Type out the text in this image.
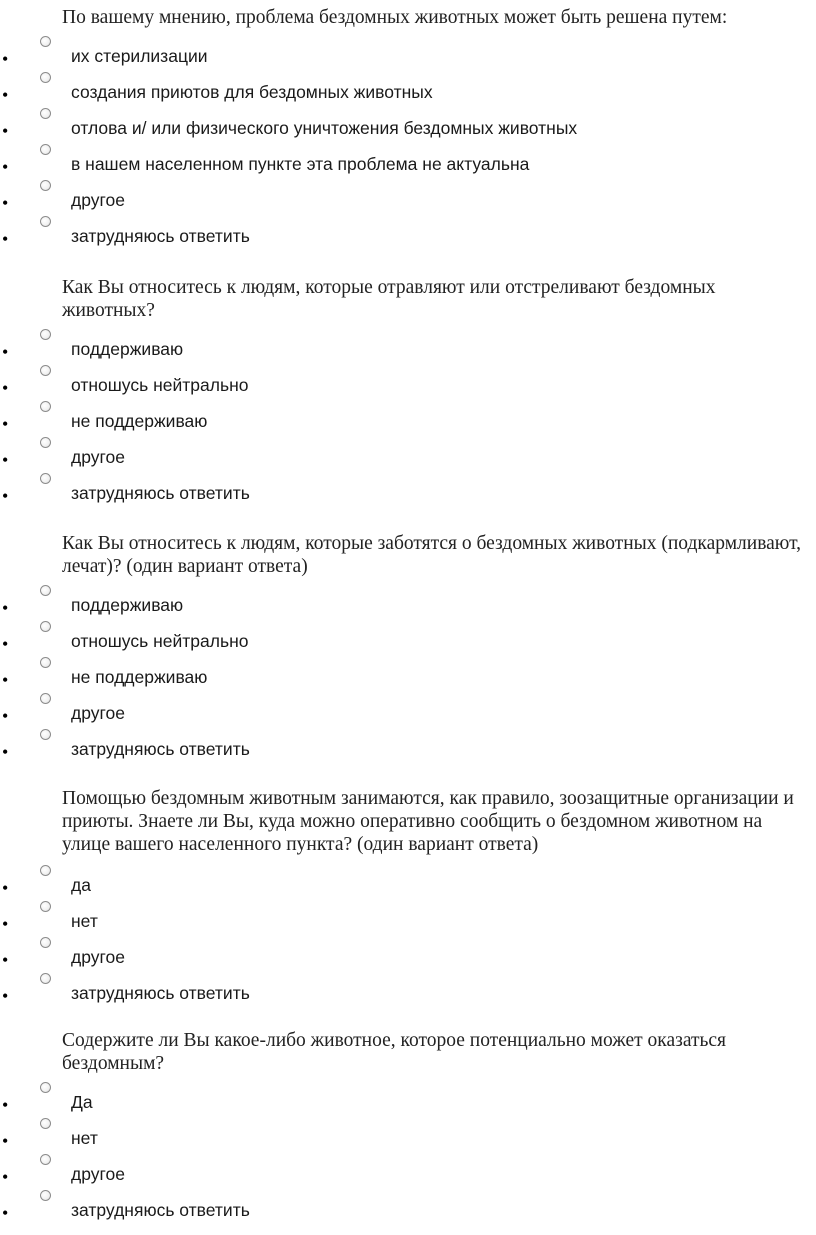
По вашему мнению, проблема бездомных животных может быть решена путем:
•	их стерилизации
•	создания приютов для бездомных животных
•	отлова и/ или физического уничтожения бездомных животных
•	в нашем населенном пункте эта проблема не актуальна
•	другое
•	затрудняюсь ответить
Как Вы относитесь к людям, которые отравляют или отстреливают бездомных животных?
•	поддерживаю
•	отношусь нейтрально
•	не поддерживаю
•	другое
•	затрудняюсь ответить
Как Вы относитесь к людям, которые заботятся о бездомных животных (подкармливают, лечат)? (один вариант ответа)
•	поддерживаю
•	отношусь нейтрально
•	не поддерживаю
•	другое
•	затрудняюсь ответить
Помощью бездомным животным занимаются, как правило, зоозащитные организации и приюты. Знаете ли Вы, куда можно оперативно сообщить о бездомном животном на улице вашего населенного пункта? (один вариант ответа)
•	да
•	нет
•	другое
•	затрудняюсь ответить
Содержите ли Вы какое-либо животное, которое потенциально может оказаться бездомным?
•	Да
•	нет
•	другое
•	затрудняюсь ответить
